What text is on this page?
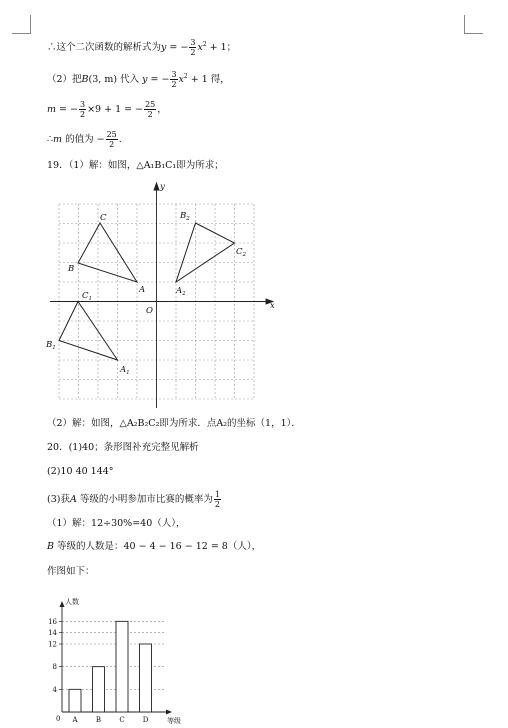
∴这个二次函数的解析式为y = − $\frac{3}{2} x^2 + 1$；
（2）把B(3, m) 代入 y = − $\frac{3}{2} x^2 + 1$ 得，
m = − $\frac{3}{2} \times 9 + 1$ = − $\frac{25}{2}$ ，
∴m 的值为 − $\frac{25}{2}$ .
19．（1）解：如图，△A₁B₁C₁即为所求；
x
y
O
C
B
A
$C_1$
$B_1$
$A_1$
$B_2$
$C_2$
$A_2$
（2）解：如图，△A₂B₂C₂即为所求．点A₂的坐标（1，1）．
20．(1)40；条形图补充完整见解析
(2)10 40 144°
(3)获A 等级的小明参加市比赛的概率为 $\frac{1}{2}$
（1）解：12÷30%=40（人），
B 等级的人数是：40 − 4 − 16 − 12 = 8（人），
作图如下：
4
8
12
14
16
人数
等级
0 A	B	C	D
